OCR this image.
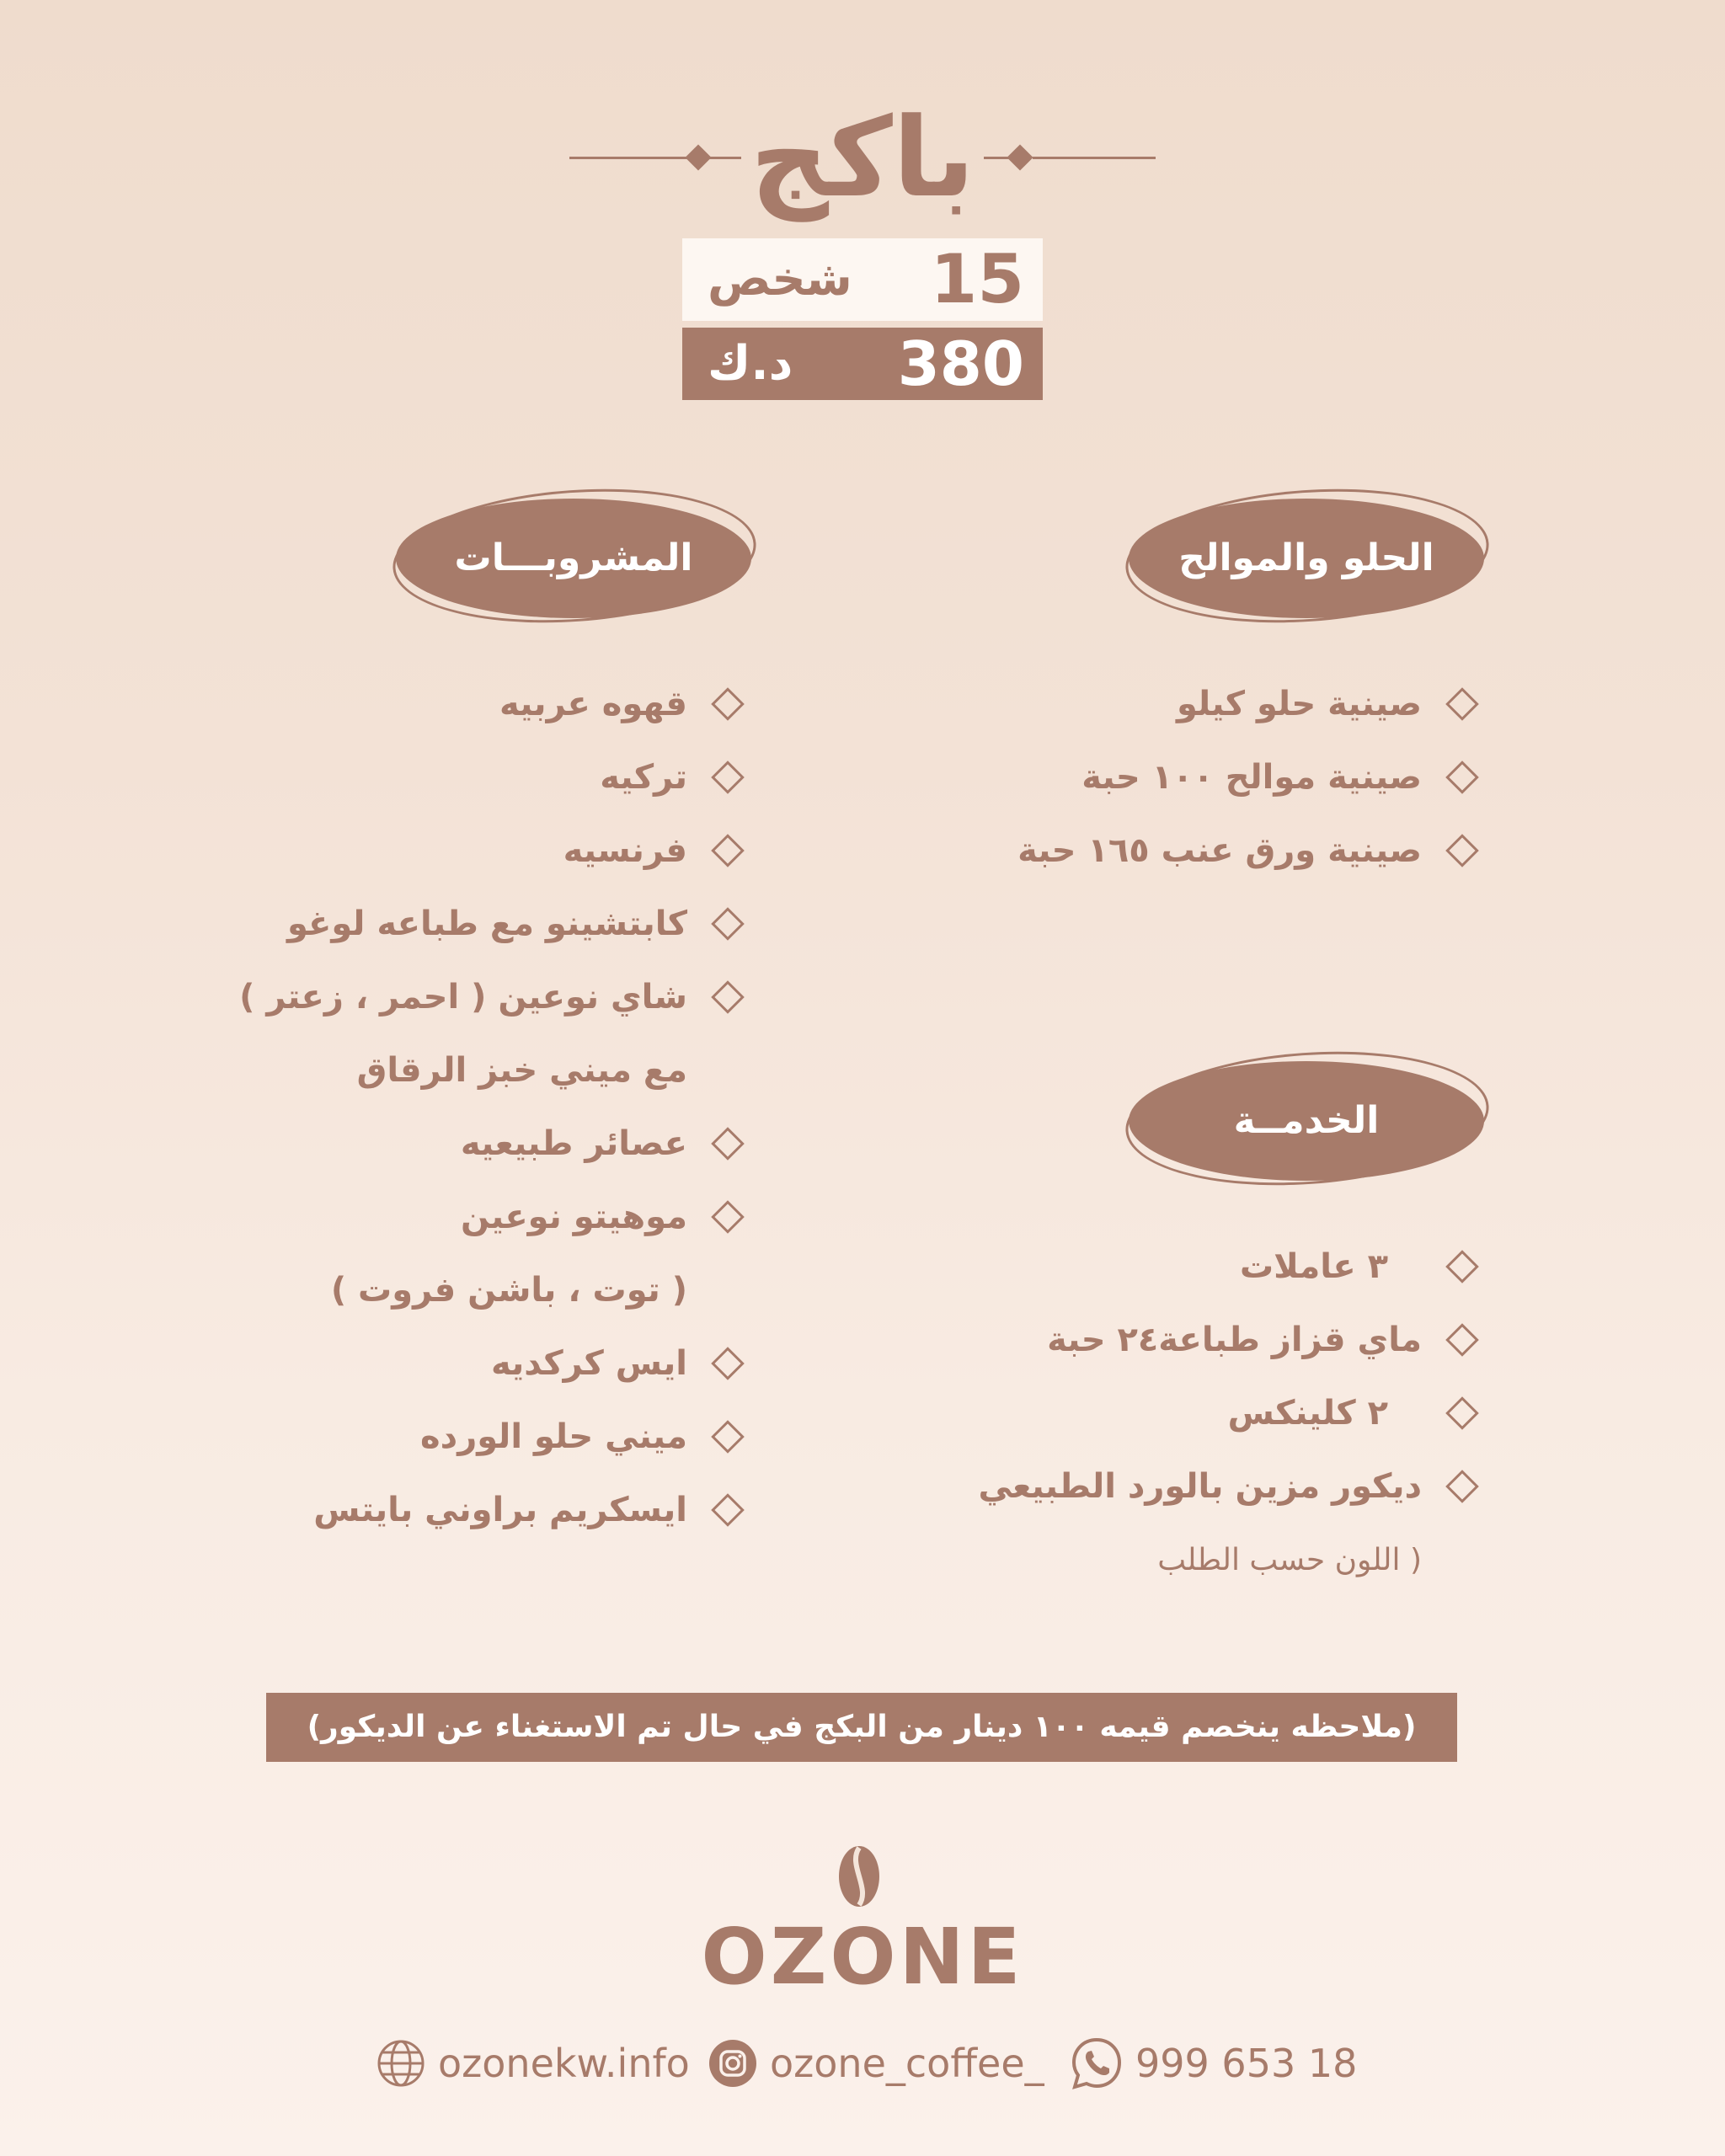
باكج
15
شخص
380
د.ك
الحلو والموالح
صينية حلو كيلو
صينية موالح ١٠٠ حبة
صينية ورق عنب ١٦٥ حبة
الخدمــة
٣ عاملات
ماي قزاز طباعة٢٤ حبة
٢ كلينكس
ديكور مزين بالورد الطبيعي
( اللون حسب الطلب
المشروبـــات
قهوه عربيه
تركيه
فرنسيه
كابتشينو مع طباعه لوغو
شاي نوعين ( احمر ، زعتر )
مع ميني خبز الرقاق
عصائر طبيعيه
موهيتو نوعين
( توت ، باشن فروت )
ايس كركديه
ميني حلو الورده
ايسكريم براوني بايتس
(ملاحظه ينخصم قيمه ١٠٠ دينار من البكج في حال تم الاستغناء عن الديكور)
OZONE
ozonekw.info ozone_coffee_ 999 653 18
